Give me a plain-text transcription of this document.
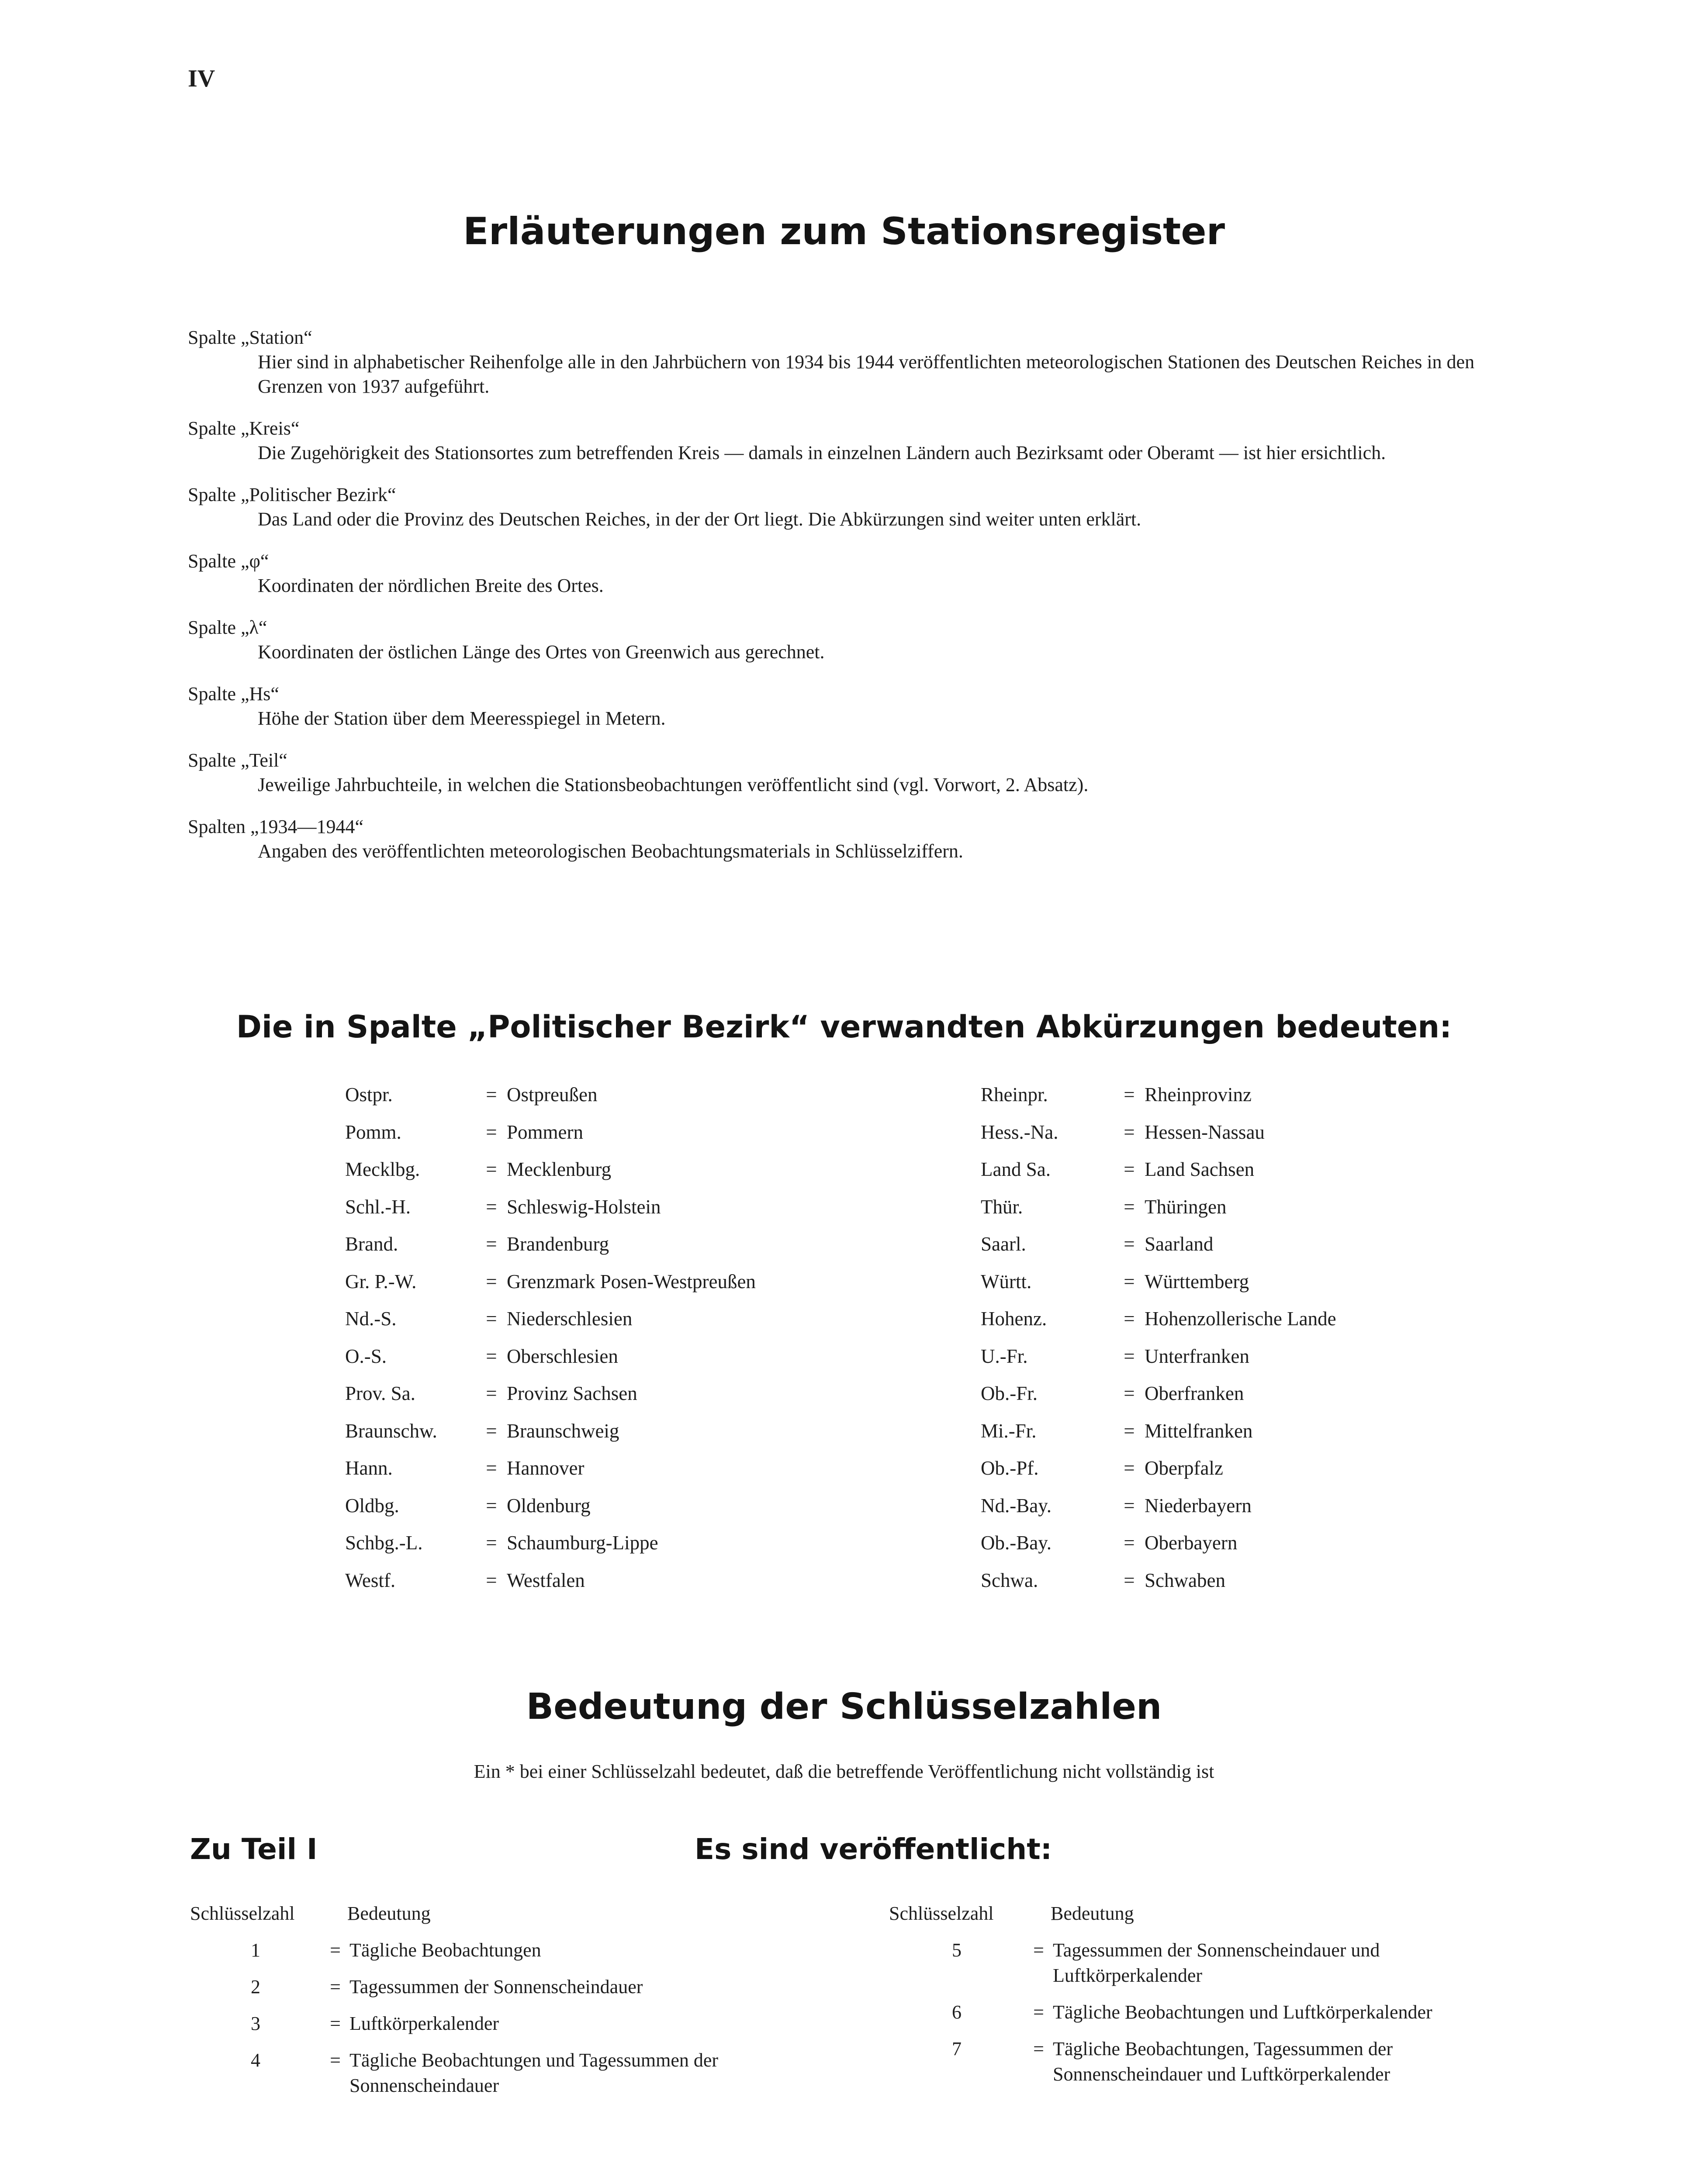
IV
Erläuterungen zum Stationsregister
Spalte „Station“
Hier sind in alphabetischer Reihenfolge alle in den Jahrbüchern von 1934 bis 1944 veröffentlichten meteorologischen Stationen des Deutschen Reiches in den Grenzen von 1937 aufgeführt.
Spalte „Kreis“
Die Zugehörigkeit des Stationsortes zum betreffenden Kreis — damals in einzelnen Ländern auch Bezirksamt oder Oberamt — ist hier ersichtlich.
Spalte „Politischer Bezirk“
Das Land oder die Provinz des Deutschen Reiches, in der der Ort liegt. Die Abkürzungen sind weiter unten erklärt.
Spalte „φ“
Koordinaten der nördlichen Breite des Ortes.
Spalte „λ“
Koordinaten der östlichen Länge des Ortes von Greenwich aus gerechnet.
Spalte „Hs“
Höhe der Station über dem Meeresspiegel in Metern.
Spalte „Teil“
Jeweilige Jahrbuchteile, in welchen die Stationsbeobachtungen veröffentlicht sind (vgl. Vorwort, 2. Absatz).
Spalten „1934—1944“
Angaben des veröffentlichten meteorologischen Beobachtungsmaterials in Schlüsselziffern.
Die in Spalte „Politischer Bezirk“ verwandten Abkürzungen bedeuten:
Ostpr.	= Ostpreußen
Pomm.	= Pommern
Mecklbg.	= Mecklenburg
Schl.-H.	= Schleswig-Holstein
Brand.	= Brandenburg
Gr. P.-W.	= Grenzmark Posen-Westpreußen
Nd.-S.	= Niederschlesien
O.-S.	= Oberschlesien
Prov. Sa.	= Provinz Sachsen
Braunschw.	= Braunschweig
Hann.	= Hannover
Oldbg.	= Oldenburg
Schbg.-L.	= Schaumburg-Lippe
Westf.	= Westfalen
Rheinpr.	= Rheinprovinz
Hess.-Na.	= Hessen-Nassau
Land Sa.	= Land Sachsen
Thür.	= Thüringen
Saarl.	= Saarland
Württ.	= Württemberg
Hohenz.	= Hohenzollerische Lande
U.-Fr.	= Unterfranken
Ob.-Fr.	= Oberfranken
Mi.-Fr.	= Mittelfranken
Ob.-Pf.	= Oberpfalz
Nd.-Bay.	= Niederbayern
Ob.-Bay.	= Oberbayern
Schwa.	= Schwaben
Bedeutung der Schlüsselzahlen
Ein * bei einer Schlüsselzahl bedeutet, daß die betreffende Veröffentlichung nicht vollständig ist
Zu Teil I	Es sind veröffentlicht:
Schlüsselzahl	Bedeutung
1	= Tägliche Beobachtungen
2	= Tagessummen der Sonnenscheindauer
3	= Luftkörperkalender
4	= Tägliche Beobachtungen und Tagessummen der Sonnenscheindauer
Schlüsselzahl	Bedeutung
5	= Tagessummen der Sonnenscheindauer und Luftkörperkalender
6	= Tägliche Beobachtungen und Luftkörperkalender
7	= Tägliche Beobachtungen, Tagessummen der Sonnenscheindauer und Luftkörperkalender
